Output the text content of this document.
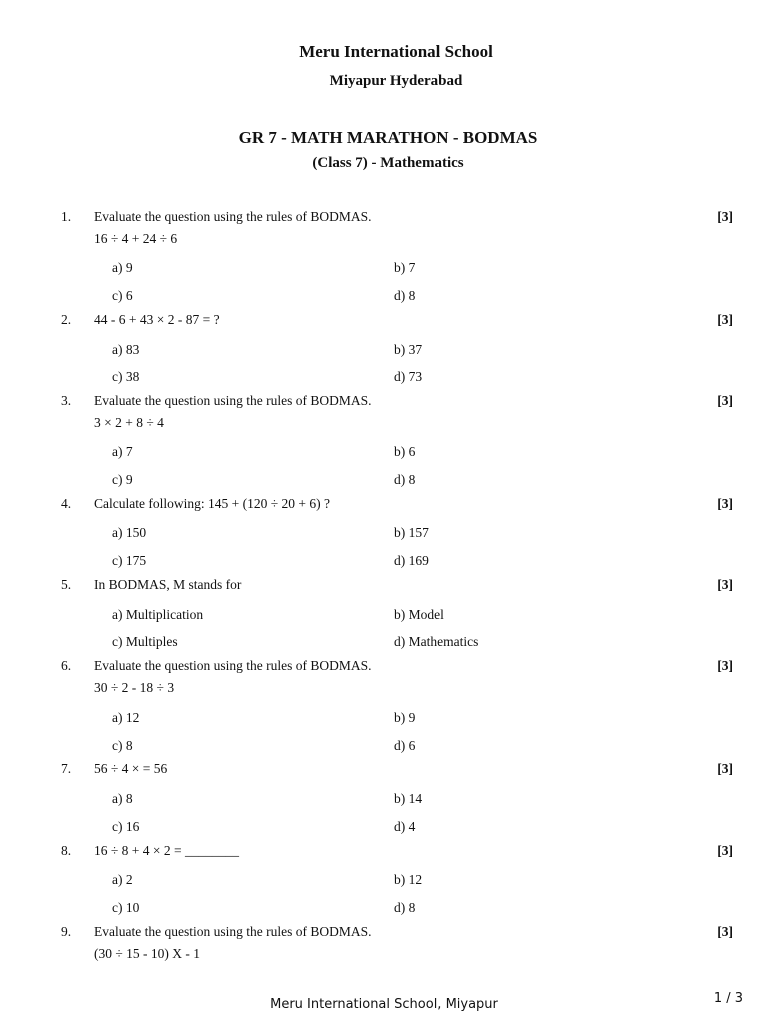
Meru International School
Miyapur Hyderabad
GR 7 - MATH MARATHON - BODMAS
(Class 7) - Mathematics
1. Evaluate the question using the rules of BODMAS.	[3]
16 ÷ 4 + 24 ÷ 6
a) 9	b) 7
c) 6	d) 8
2. 44 - 6 + 43 × 2 - 87 = ?	[3]
a) 83	b) 37
c) 38	d) 73
3. Evaluate the question using the rules of BODMAS.	[3]
3 × 2 + 8 ÷ 4
a) 7	b) 6
c) 9	d) 8
4. Calculate following: 145 + (120 ÷ 20 + 6) ?	[3]
a) 150	b) 157
c) 175	d) 169
5. In BODMAS, M stands for	[3]
a) Multiplication	b) Model
c) Multiples	d) Mathematics
6. Evaluate the question using the rules of BODMAS.	[3]
30 ÷ 2 - 18 ÷ 3
a) 12	b) 9
c) 8	d) 6
7. 56 ÷ 4 × = 56	[3]
a) 8	b) 14
c) 16	d) 4
8. 16 ÷ 8 + 4 × 2 = ________	[3]
a) 2	b) 12
c) 10	d) 8
9. Evaluate the question using the rules of BODMAS.	[3]
(30 ÷ 15 - 10) X - 1
Meru International School, Miyapur	1 / 3
